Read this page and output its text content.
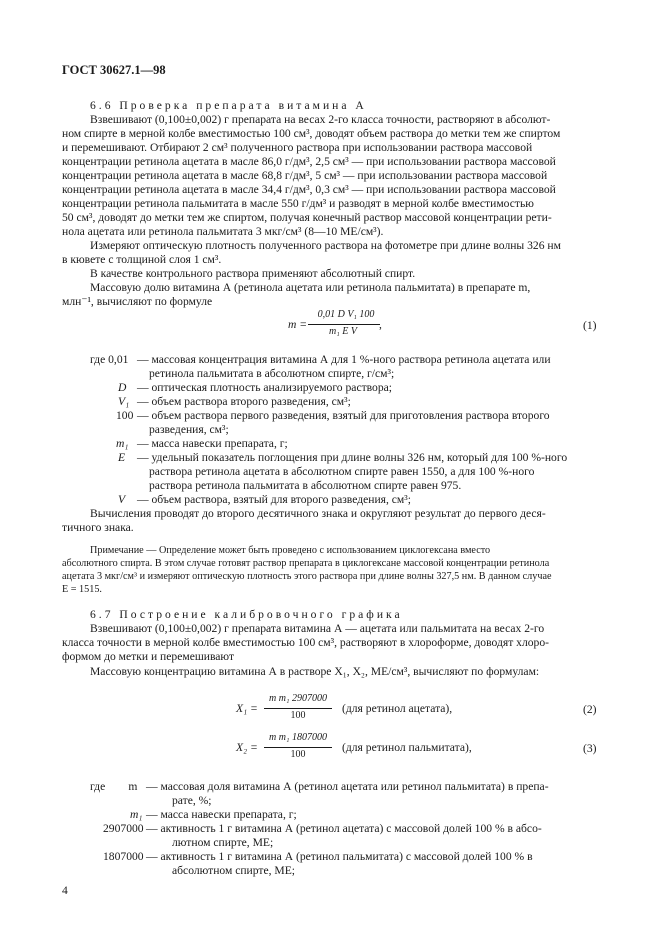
ГОСТ 30627.1—98
6.6 Проверка препарата витамина А
Взвешивают (0,100±0,002) г препарата на весах 2-го класса точности, растворяют в абсолют-
ном спирте в мерной колбе вместимостью 100 см³, доводят объем раствора до метки тем же спиртом
и перемешивают. Отбирают 2 см³ полученного раствора при использовании раствора массовой
концентрации ретинола ацетата в масле 86,0 г/дм³, 2,5 см³ — при использовании раствора массовой
концентрации ретинола ацетата в масле 68,8 г/дм³, 5 см³ — при использовании раствора массовой
концентрации ретинола ацетата в масле 34,4 г/дм³, 0,3 см³ — при использовании раствора массовой
концентрации ретинола пальмитата в масле 550 г/дм³ и разводят в мерной колбе вместимостью
50 см³, доводят до метки тем же спиртом, получая конечный раствор массовой концентрации рети-
нола ацетата или ретинола пальмитата 3 мкг/см³ (8—10 МЕ/см³).
Измеряют оптическую плотность полученного раствора на фотометре при длине волны 326 нм
в кювете с толщиной слоя 1 см³.
В качестве контрольного раствора применяют абсолютный спирт.
Массовую долю витамина А (ретинола ацетата или ретинола пальмитата) в препарате m,
млн⁻¹, вычисляют по формуле
m =
0,01 D V₁ 100
m₁ E V
,	(1)
где 0,01 — массовая концентрация витамина А для 1 %-ного раствора ретинола ацетата или
ретинола пальмитата в абсолютном спирте, г/см³;
D — оптическая плотность анализируемого раствора;
V₁ — объем раствора второго разведения, см³;
100 — объем раствора первого разведения, взятый для приготовления раствора второго
разведения, см³;
m₁ — масса навески препарата, г;
E — удельный показатель поглощения при длине волны 326 нм, который для 100 %-ного
раствора ретинола ацетата в абсолютном спирте равен 1550, а для 100 %-ного
раствора ретинола пальмитата в абсолютном спирте равен 975.
V — объем раствора, взятый для второго разведения, см³;
Вычисления проводят до второго десятичного знака и округляют результат до первого деся-
тичного знака.
Примечание — Определение может быть проведено с использованием циклогексана вместо
абсолютного спирта. В этом случае готовят раствор препарата в циклогексане массовой концентрации ретинола
ацетата 3 мкг/см³ и измеряют оптическую плотность этого раствора при длине волны 327,5 нм. В данном случае
E = 1515.
6.7 Построение калибровочного графика
Взвешивают (0,100±0,002) г препарата витамина А — ацетата или пальмитата на весах 2-го
класса точности в мерной колбе вместимостью 100 см³, растворяют в хлороформе, доводят хлоро-
формом до метки и перемешивают
Массовую концентрацию витамина А в растворе X₁, X₂, МЕ/см³, вычисляют по формулам:
X₁ =
m m₁ 2907000
100
(для ретинол ацетата),	(2)
X₂ =
m m₁ 1807000
100
(для ретинол пальмитата),	(3)
где        m — массовая доля витамина А (ретинол ацетата или ретинол пальмитата) в препа-
рате, %;
m₁ — масса навески препарата, г;
2907000 — активность 1 г витамина А (ретинол ацетата) с массовой долей 100 % в абсо-
лютном спирте, МЕ;
1807000 — активность 1 г витамина А (ретинол пальмитата) с массовой долей 100 % в
абсолютном спирте, МЕ;
4
